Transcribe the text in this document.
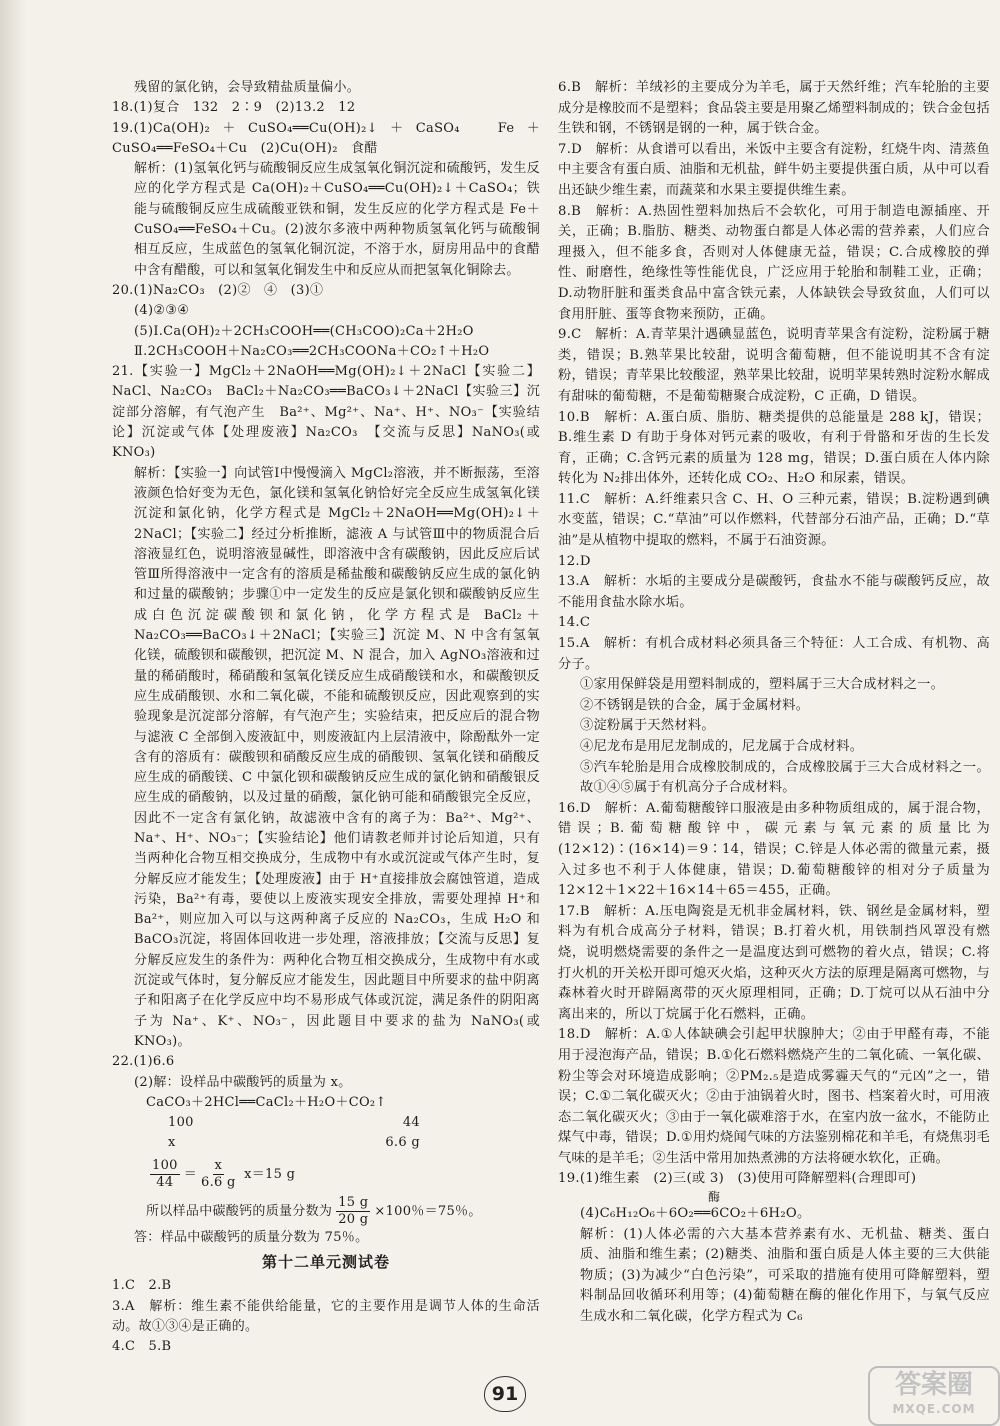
残留的氯化钠，会导致精盐质量偏小。

18.(1)复合　132　2∶9　(2)13.2　12

19.(1)Ca(OH)₂＋CuSO₄══Cu(OH)₂↓＋CaSO₄　Fe＋CuSO₄══FeSO₄＋Cu　(2)Cu(OH)₂　食醋

解析：(1)氢氧化钙与硫酸铜反应生成氢氧化铜沉淀和硫酸钙，发生反应的化学方程式是 Ca(OH)₂＋CuSO₄══Cu(OH)₂↓＋CaSO₄；铁能与硫酸铜反应生成硫酸亚铁和铜，发生反应的化学方程式是 Fe＋CuSO₄══FeSO₄＋Cu。(2)波尔多液中两种物质氢氧化钙与硫酸铜相互反应，生成蓝色的氢氧化铜沉淀，不溶于水，厨房用品中的食醋中含有醋酸，可以和氢氧化铜发生中和反应从而把氢氧化铜除去。

20.(1)Na₂CO₃　(2)②　④　(3)①

(4)②③④

(5)Ⅰ.Ca(OH)₂＋2CH₃COOH══(CH₃COO)₂Ca＋2H₂O

Ⅱ.2CH₃COOH＋Na₂CO₃══2CH₃COONa＋CO₂↑＋H₂O

21.【实验一】MgCl₂＋2NaOH══Mg(OH)₂↓＋2NaCl【实验二】NaCl、Na₂CO₃　BaCl₂＋Na₂CO₃══BaCO₃↓＋2NaCl【实验三】沉淀部分溶解，有气泡产生　Ba²⁺、Mg²⁺、Na⁺、H⁺、NO₃⁻【实验结论】沉淀或气体【处理废液】Na₂CO₃　【交流与反思】NaNO₃(或 KNO₃)

解析：【实验一】向试管Ⅰ中慢慢滴入 MgCl₂溶液，并不断振荡，至溶液颜色恰好变为无色，氯化镁和氢氧化钠恰好完全反应生成氢氧化镁沉淀和氯化钠，化学方程式是 MgCl₂＋2NaOH══Mg(OH)₂↓＋2NaCl；【实验二】经过分析推断，滤液 A 与试管Ⅲ中的物质混合后溶液显红色，说明溶液显碱性，即溶液中含有碳酸钠，因此反应后试管Ⅲ所得溶液中一定含有的溶质是稀盐酸和碳酸钠反应生成的氯化钠和过量的碳酸钠；步骤①中一定发生的反应是氯化钡和碳酸钠反应生成白色沉淀碳酸钡和氯化钠，化学方程式是 BaCl₂＋Na₂CO₃══BaCO₃↓＋2NaCl；【实验三】沉淀 M、N 中含有氢氧化镁，硫酸钡和碳酸钡，把沉淀 M、N 混合，加入 AgNO₃溶液和过量的稀硝酸时，稀硝酸和氢氧化镁反应生成硝酸镁和水，和碳酸钡反应生成硝酸钡、水和二氧化碳，不能和硫酸钡反应，因此观察到的实验现象是沉淀部分溶解，有气泡产生；实验结束，把反应后的混合物与滤液 C 全部倒入废液缸中，则废液缸内上层清液中，除酚酞外一定含有的溶质有：碳酸钡和硝酸反应生成的硝酸钡、氢氧化镁和硝酸反应生成的硝酸镁、C 中氯化钡和碳酸钠反应生成的氯化钠和硝酸银反应生成的硝酸钠，以及过量的硝酸，氯化钠可能和硝酸银完全反应，因此不一定含有氯化钠，故滤液中含有的离子为：Ba²⁺、Mg²⁺、Na⁺、H⁺、NO₃⁻；【实验结论】他们请教老师并讨论后知道，只有当两种化合物互相交换成分，生成物中有水或沉淀或气体产生时，复分解反应才能发生；【处理废液】由于 H⁺直接排放会腐蚀管道，造成污染，Ba²⁺有毒，要使以上废液实现安全排放，需要处理掉 H⁺和 Ba²⁺，则应加入可以与这两种离子反应的 Na₂CO₃，生成 H₂O 和 BaCO₃沉淀，将固体回收进一步处理，溶液排放；【交流与反思】复分解反应发生的条件为：两种化合物互相交换成分，生成物中有水或沉淀或气体时，复分解反应才能发生，因此题目中所要求的盐中阴离子和阳离子在化学反应中均不易形成气体或沉淀，满足条件的阴阳离子为 Na⁺、K⁺、NO₃⁻，因此题目中要求的盐为 NaNO₃(或 KNO₃)。

22.(1)6.6

(2)解：设样品中碳酸钙的质量为 x。

CaCO₃＋2HCl══CaCl₂＋H₂O＋CO₂↑

100	44
x	6.6 g

$\frac{100}{44} = \frac{x}{6.6 g} x=15$ g

所以样品中碳酸钙的质量分数为 $\frac{15 g}{20 g} \times 100$％＝75％。

答：样品中碳酸钙的质量分数为 75％。

第十二单元测试卷

1.C　2.B

3.A　解析：维生素不能供给能量，它的主要作用是调节人体的生命活动。故①③④是正确的。

4.C　5.B

6.B　解析：羊绒衫的主要成分为羊毛，属于天然纤维；汽车轮胎的主要成分是橡胶而不是塑料；食品袋主要是用聚乙烯塑料制成的；铁合金包括生铁和钢，不锈钢是钢的一种，属于铁合金。

7.D　解析：从食谱可以看出，米饭中主要含有淀粉，红烧牛肉、清蒸鱼中主要含有蛋白质、油脂和无机盐，鲜牛奶主要提供蛋白质，从中可以看出还缺少维生素，而蔬菜和水果主要提供维生素。

8.B　解析：A.热固性塑料加热后不会软化，可用于制造电源插座、开关，正确；B.脂肪、糖类、动物蛋白都是人体必需的营养素，人们应合理摄入，但不能多食，否则对人体健康无益，错误；C.合成橡胶的弹性、耐磨性，绝缘性等性能优良，广泛应用于轮胎和制鞋工业，正确；D.动物肝脏和蛋类食品中富含铁元素，人体缺铁会导致贫血，人们可以食用肝脏、蛋等食物来预防，正确。

9.C　解析：A.青苹果汁遇碘显蓝色，说明青苹果含有淀粉，淀粉属于糖类，错误；B.熟苹果比较甜，说明含葡萄糖，但不能说明其不含有淀粉，错误；青苹果比较酸涩，熟苹果比较甜，说明苹果转熟时淀粉水解成有甜味的葡萄糖，不是葡萄糖聚合成淀粉，C 正确，D 错误。

10.B　解析：A.蛋白质、脂肪、糖类提供的总能量是 288 kJ，错误；B.维生素 D 有助于身体对钙元素的吸收，有利于骨骼和牙齿的生长发育，正确；C.含钙元素的质量为 128 mg，错误；D.蛋白质在人体内除转化为 N₂排出体外，还转化成 CO₂、H₂O 和尿素，错误。

11.C　解析：A.纤维素只含 C、H、O 三种元素，错误；B.淀粉遇到碘水变蓝，错误；C.“草油”可以作燃料，代替部分石油产品，正确；D.“草油”是从植物中提取的燃料，不属于石油资源。

12.D

13.A　解析：水垢的主要成分是碳酸钙，食盐水不能与碳酸钙反应，故不能用食盐水除水垢。

14.C

15.A　解析：有机合成材料必须具备三个特征：人工合成、有机物、高分子。

①家用保鲜袋是用塑料制成的，塑料属于三大合成材料之一。

②不锈钢是铁的合金，属于金属材料。

③淀粉属于天然材料。

④尼龙布是用尼龙制成的，尼龙属于合成材料。

⑤汽车轮胎是用合成橡胶制成的，合成橡胶属于三大合成材料之一。故①④⑤属于有机高分子合成材料。

16.D　解析：A.葡萄糖酸锌口服液是由多种物质组成的，属于混合物，错误；B.葡萄糖酸锌中，碳元素与氧元素的质量比为(12×12)∶(16×14)＝9∶14，错误；C.锌是人体必需的微量元素，摄入过多也不利于人体健康，错误；D.葡萄糖酸锌的相对分子质量为 12×12＋1×22＋16×14＋65＝455，正确。

17.B　解析：A.压电陶瓷是无机非金属材料，铁、钢丝是金属材料，塑料为有机合成高分子材料，错误；B.打着火机，用铁制挡风罩没有燃烧，说明燃烧需要的条件之一是温度达到可燃物的着火点，错误；C.将打火机的开关松开即可熄灭火焰，这种灭火方法的原理是隔离可燃物，与森林着火时开辟隔离带的灭火原理相同，正确；D.丁烷可以从石油中分离出来的，所以丁烷属于化石燃料，正确。

18.D　解析：A.①人体缺碘会引起甲状腺肿大；②由于甲醛有毒，不能用于浸泡海产品，错误；B.①化石燃料燃烧产生的二氧化硫、一氧化碳、粉尘等会对环境造成影响；②PM₂.₅是造成雾霾天气的“元凶”之一，错误；C.①二氧化碳灭火；②由于油锅着火时，图书、档案着火时，可用液态二氧化碳灭火；③由于一氧化碳难溶于水，在室内放一盆水，不能防止煤气中毒，错误；D.①用灼烧闻气味的方法鉴别棉花和羊毛，有烧焦羽毛气味的是羊毛；②生活中常用加热煮沸的方法将硬水软化，正确。

19.(1)维生素　(2)三(或 3)　(3)使用可降解塑料(合理即可)

酶

(4)C₆H₁₂O₆＋6O₂══6CO₂＋6H₂O。

解析：(1)人体必需的六大基本营养素有水、无机盐、糖类、蛋白质、油脂和维生素；(2)糖类、油脂和蛋白质是人体主要的三大供能物质；(3)为减少“白色污染”，可采取的措施有使用可降解塑料，塑料制品回收循环利用等；(4)葡萄糖在酶的催化作用下，与氧气反应生成水和二氧化碳，化学方程式为 C₆

91	答案圈
MXQE.COM
